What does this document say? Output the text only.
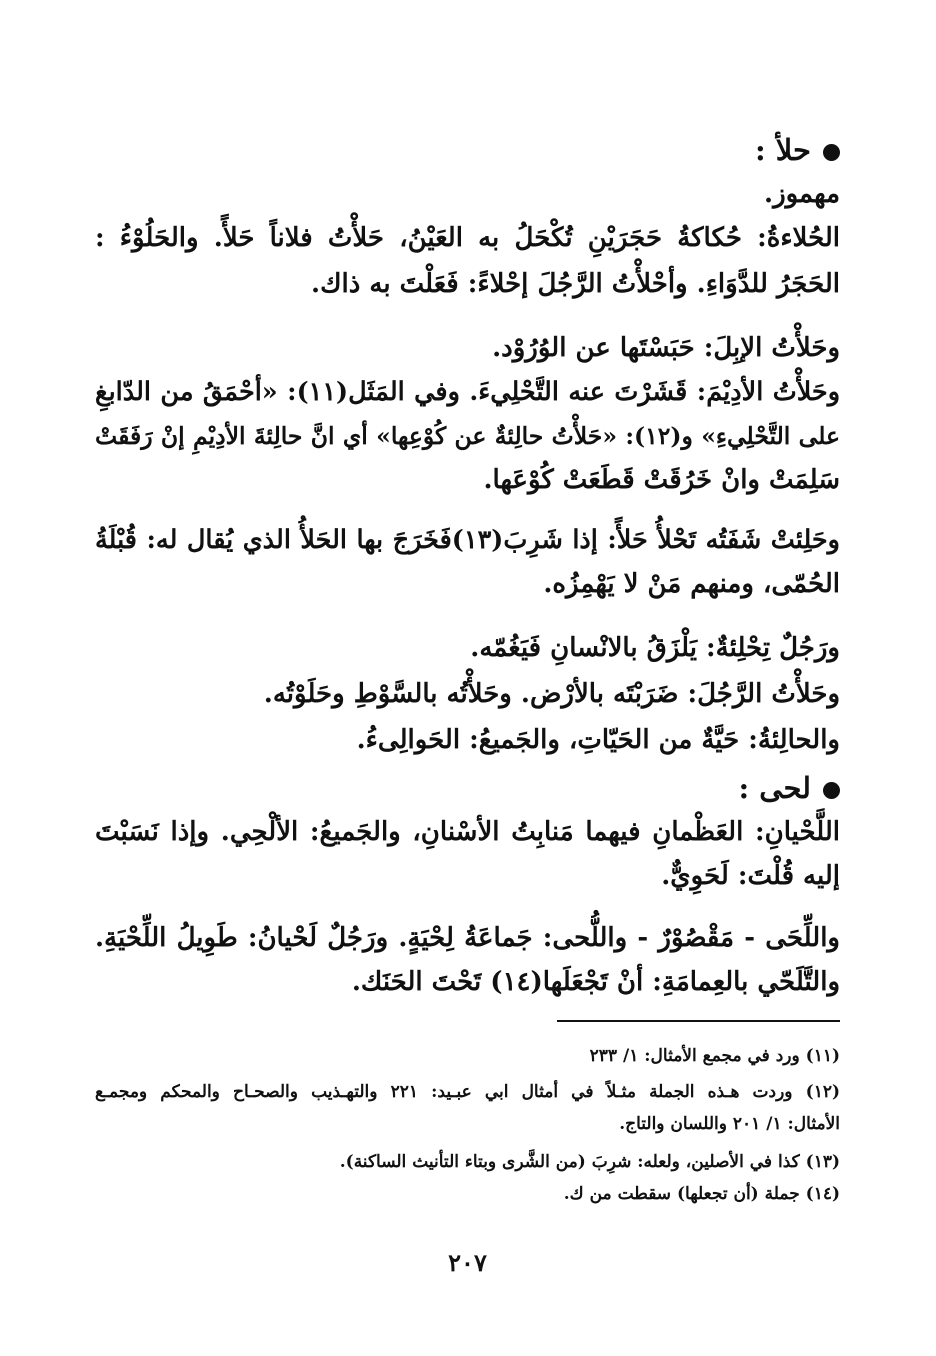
حلأ :
مهموز.
الحُلاءةُ: حُكاكةُ حَجَرَيْنِ تُكْحَلُ به العَيْنُ، حَلأْتُ فلاناً حَلأً. والحَلُوْءُ :
الحَجَرُ للدَّوَاءِ. وأحْلأْتُ الرَّجُلَ إحْلاءً: فَعَلْتَ به ذاك.
وحَلأْتُ الإبِلَ: حَبَسْتَها عن الوُرُوْد.
وحَلأْتُ الأدِيْمَ: قَشَرْتَ عنه التَّحْلِيءَ. وفي المَثَل(١١): «أحْمَقُ من الدّابغِ
على التَّحْلِيءِ» و(١٢): «حَلأْتُ حالِئةٌ عن كُوْعِها» أي انَّ حالِئةَ الأدِيْمِ إنْ رَفَقَتْ
سَلِمَتْ وانْ خَرُقَتْ قَطَعَتْ كُوْعَها.
وحَلِئتْ شَفَتُه تَحْلأُ حَلأً: إذا شَرِبَ(١٣)فَخَرَجَ بها الحَلأُ الذي يُقال له: قُبْلَةُ
الحُمّى، ومنهم مَنْ لا يَهْمِزُه.
ورَجُلٌ تِحْلِئةٌ: يَلْزَقُ بالانْسانِ فَيَغُمّه.
وحَلأْتُ الرَّجُلَ: ضَرَبْتَه بالأرْض. وحَلأْتُه بالسَّوْطِ وحَلَوْتُه.
والحالِئةُ: حَيَّةٌ من الحَيّاتِ، والجَميعُ: الحَوالِىءُ.
لحى :
اللَّحْيانِ: العَظْمانِ فيهما مَنابِتُ الأسْنانِ، والجَميعُ: الألْحِي. وإذا نَسَبْتَ
إليه قُلْتَ: لَحَوِيٌّ.
واللِّحَى - مَقْصُوْرٌ - واللُّحى: جَماعَةُ لِحْيَةٍ. ورَجُلٌ لَحْيانُ: طَوِيلُ اللِّحْيَةِ.
والتَّلَحّي بالعِمامَةِ: أنْ تَجْعَلَها(١٤) تَحْتَ الحَنَك.
(١١) ورد في مجمع الأمثال: ١/ ٢٣٣
(١٢) وردت هـذه الجملة مثـلاً في أمثال ابي عبـيد: ٢٢١ والتهـذيب والصحـاح والمحكم ومجمـع
الأمثال: ١/ ٢٠١ واللسان والتاج.
(١٣) كذا في الأصلين، ولعله: شرِبَ (من الشَّرى وبتاء التأنيث الساكنة).
(١٤) جملة (أن تجعلها) سقطت من ك.
٢٠٧
